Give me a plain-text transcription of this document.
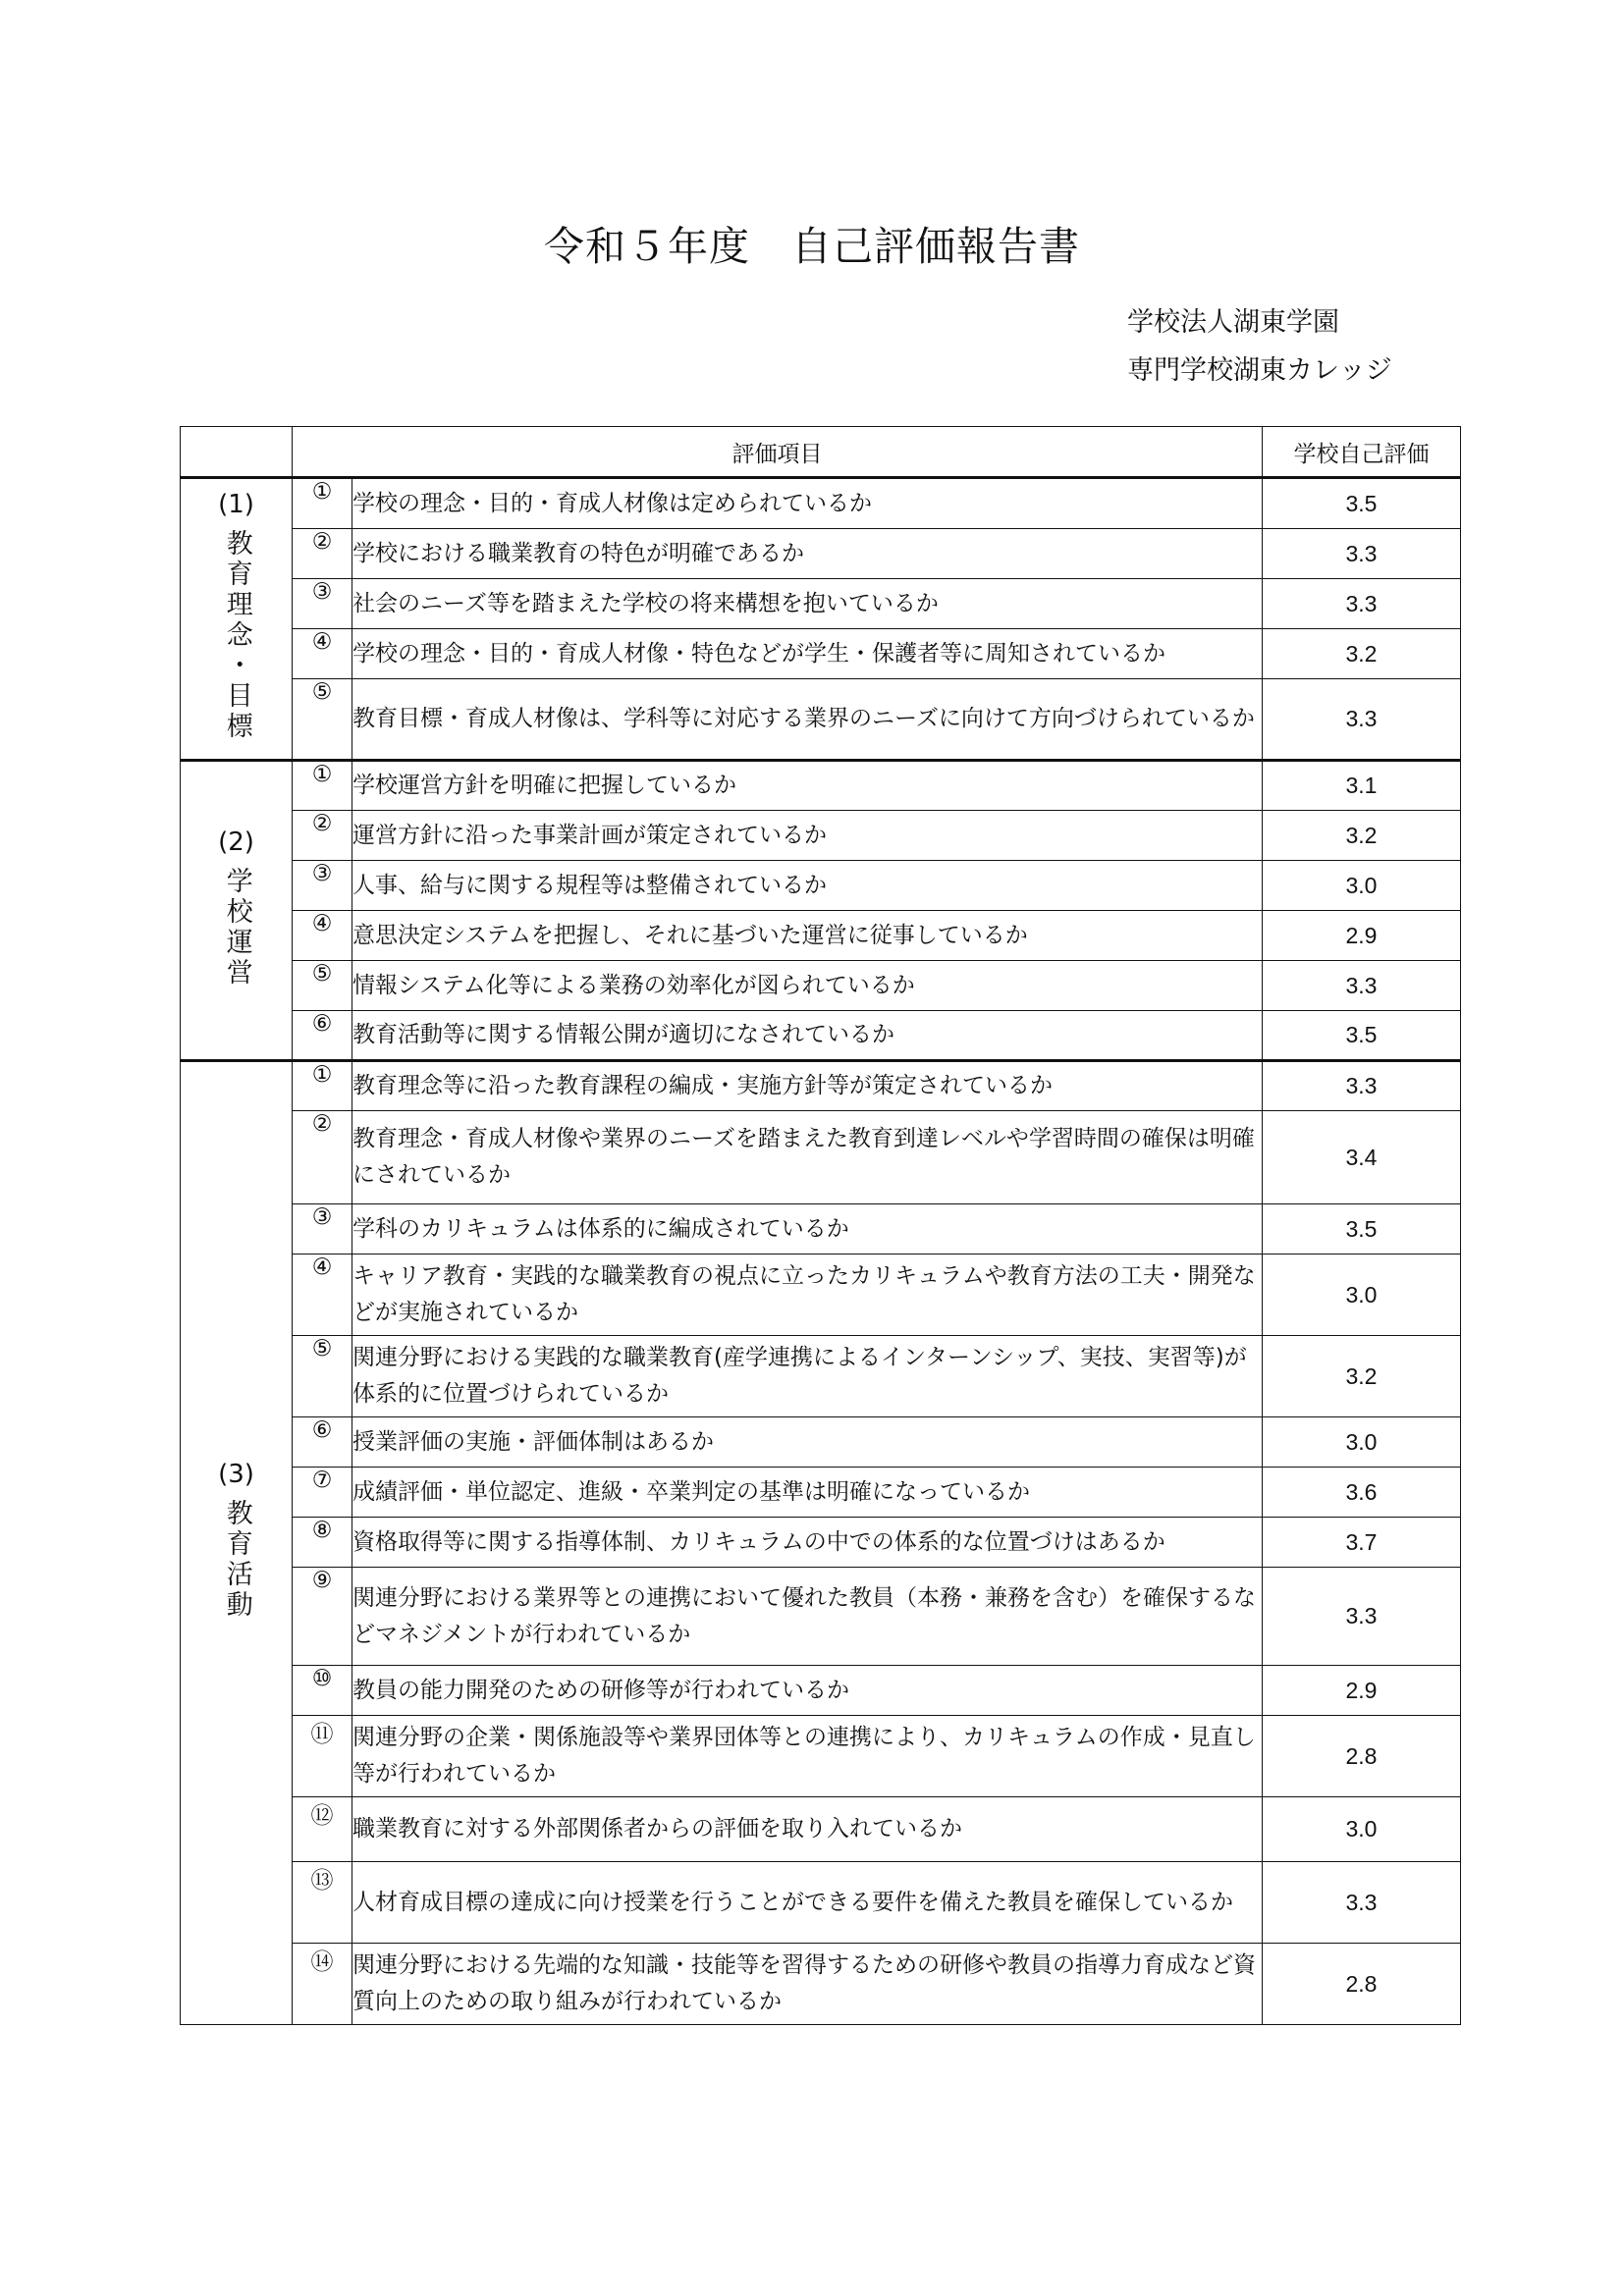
令和５年度　自己評価報告書
学校法人湖東学園
専門学校湖東カレッジ
	評価項目		学校自己評価

(1)
教育理念・目標	①	学校の理念・目的・育成人材像は定められているか	3.5
	②	学校における職業教育の特色が明確であるか	3.3
	③	社会のニーズ等を踏まえた学校の将来構想を抱いているか	3.3
	④	学校の理念・目的・育成人材像・特色などが学生・保護者等に周知されているか	3.2
	⑤	教育目標・育成人材像は、学科等に対応する業界のニーズに向けて方向づけられているか	3.3

(2)
学校運営	①	学校運営方針を明確に把握しているか	3.1
	②	運営方針に沿った事業計画が策定されているか	3.2
	③	人事、給与に関する規程等は整備されているか	3.0
	④	意思決定システムを把握し、それに基づいた運営に従事しているか	2.9
	⑤	情報システム化等による業務の効率化が図られているか	3.3
	⑥	教育活動等に関する情報公開が適切になされているか	3.5

(3)
教育活動	①	教育理念等に沿った教育課程の編成・実施方針等が策定されているか	3.3
	②	教育理念・育成人材像や業界のニーズを踏まえた教育到達レベルや学習時間の確保は明確にされているか	3.4
	③	学科のカリキュラムは体系的に編成されているか	3.5
	④	キャリア教育・実践的な職業教育の視点に立ったカリキュラムや教育方法の工夫・開発などが実施されているか	3.0
	⑤	関連分野における実践的な職業教育(産学連携によるインターンシップ、実技、実習等)が体系的に位置づけられているか	3.2
	⑥	授業評価の実施・評価体制はあるか	3.0
	⑦	成績評価・単位認定、進級・卒業判定の基準は明確になっているか	3.6
	⑧	資格取得等に関する指導体制、カリキュラムの中での体系的な位置づけはあるか	3.7
	⑨	関連分野における業界等との連携において優れた教員（本務・兼務を含む）を確保するなどマネジメントが行われているか	3.3
	⑩	教員の能力開発のための研修等が行われているか	2.9
	⑪	関連分野の企業・関係施設等や業界団体等との連携により、カリキュラムの作成・見直し等が行われているか	2.8
	⑫	職業教育に対する外部関係者からの評価を取り入れているか	3.0
	⑬	人材育成目標の達成に向け授業を行うことができる要件を備えた教員を確保しているか	3.3
	⑭	関連分野における先端的な知識・技能等を習得するための研修や教員の指導力育成など資質向上のための取り組みが行われているか	2.8
